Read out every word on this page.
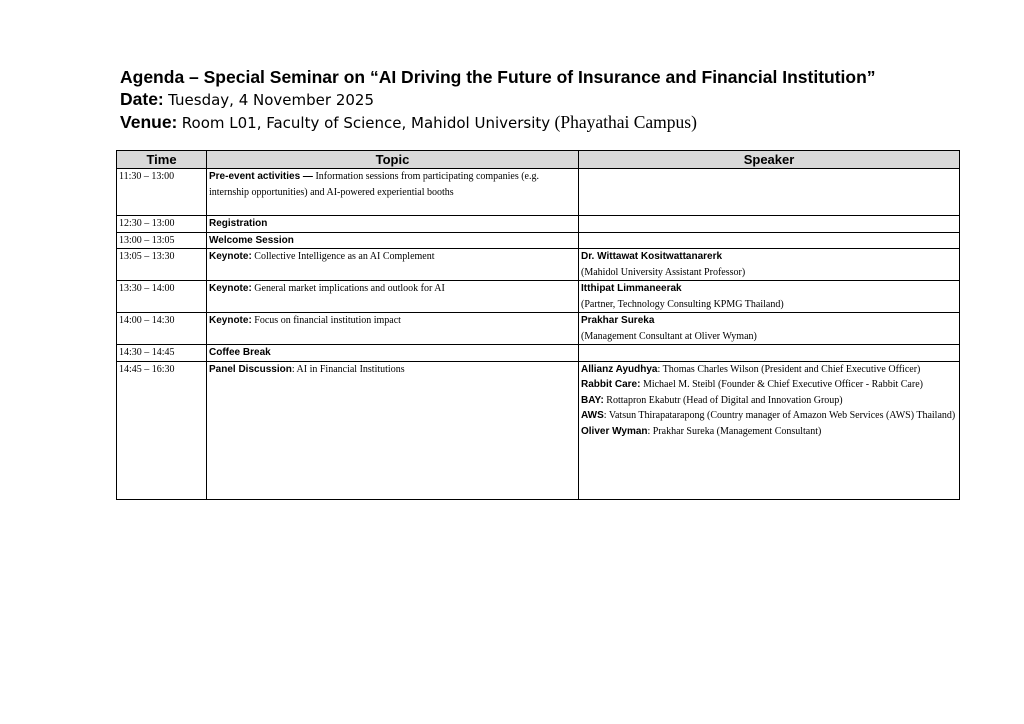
Agenda – Special Seminar on “AI Driving the Future of Insurance and Financial Institution”
Date: Tuesday, 4 November 2025
Venue: Room L01, Faculty of Science, Mahidol University (Phayathai Campus)
Time	Topic	Speaker
11:30 – 13:00	Pre-event activities — Information sessions from participating companies (e.g. internship opportunities) and AI-powered experiential booths	
12:30 – 13:00	Registration	
13:00 – 13:05	Welcome Session	
13:05 – 13:30	Keynote: Collective Intelligence as an AI Complement	Dr. Wittawat Kositwattanarerk
(Mahidol University Assistant Professor)

13:30 – 14:00	Keynote: General market implications and outlook for AI	Itthipat Limmaneerak
(Partner, Technology Consulting KPMG Thailand)

14:00 – 14:30	Keynote: Focus on financial institution impact	Prakhar Sureka
(Management Consultant at Oliver Wyman)

14:30 – 14:45	Coffee Break	
14:45 – 16:30	Panel Discussion: AI in Financial Institutions	Allianz Ayudhya: Thomas Charles Wilson (President and Chief Executive Officer)
Rabbit Care: Michael M. Steibl (Founder & Chief Executive Officer - Rabbit Care)
BAY: Rottapron Ekabutr (Head of Digital and Innovation Group)
AWS: Vatsun Thirapatarapong (Country manager of Amazon Web Services (AWS) Thailand)
Oliver Wyman: Prakhar Sureka (Management Consultant)
